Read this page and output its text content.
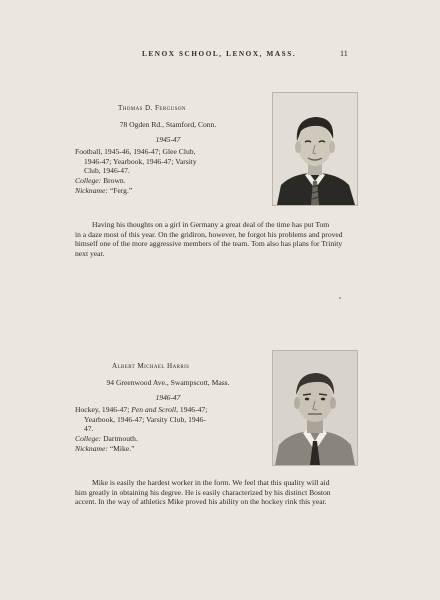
LENOX SCHOOL, LENOX, MASS.	11
Thomas D. Ferguson
78 Ogden Rd., Stamford, Conn.
1945-47
Football, 1945-46, 1946-47; Glee Club,
1946-47; Yearbook, 1946-47; Varsity
Club, 1946-47.
College: Brown.
Nickname: “Ferg.”
Having his thoughts on a girl in Germany a great deal of the time has put Tom
in a daze most of this year. On the gridiron, however, he forgot his problems and proved
himself one of the more aggressive members of the team. Tom also has plans for Trinity
next year.
Albert Michael Harris
94 Greenwood Ave., Swampscott, Mass.
1946-47
Hockey, 1946-47; Pen and Scroll, 1946-47;
Yearbook, 1946-47; Varsity Club, 1946-
47.
College: Dartmouth.
Nickname: “Mike.”
Mike is easily the hardest worker in the form. We feel that this quality will aid
him greatly in obtaining his degree. He is easily characterized by his distinct Boston
accent. In the way of athletics Mike proved his ability on the hockey rink this year.
